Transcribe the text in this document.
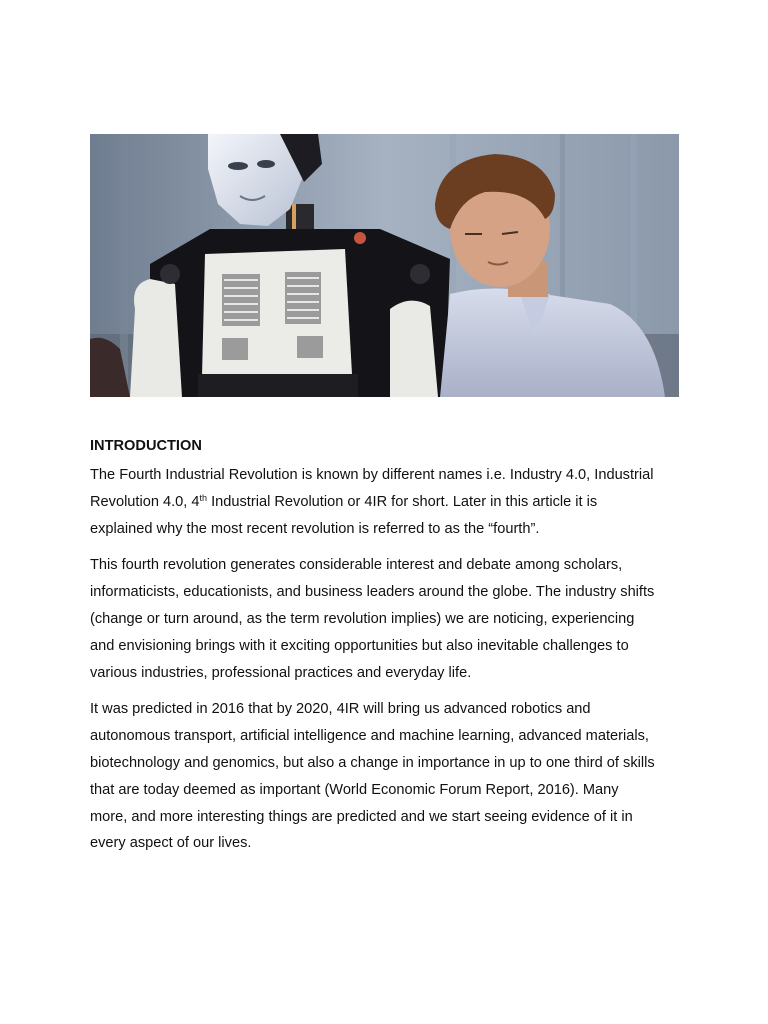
INTRODUCTION
The Fourth Industrial Revolution is known by different names i.e. Industry 4.0, Industrial
Revolution 4.0, 4th Industrial Revolution or 4IR for short. Later in this article it is
explained why the most recent revolution is referred to as the “fourth”.
This fourth revolution generates considerable interest and debate among scholars,
informaticists, educationists, and business leaders around the globe. The industry shifts
(change or turn around, as the term revolution implies) we are noticing, experiencing
and envisioning brings with it exciting opportunities but also inevitable challenges to
various industries, professional practices and everyday life.
It was predicted in 2016 that by 2020, 4IR will bring us advanced robotics and
autonomous transport, artificial intelligence and machine learning, advanced materials,
biotechnology and genomics, but also a change in importance in up to one third of skills
that are today deemed as important (World Economic Forum Report, 2016). Many
more, and more interesting things are predicted and we start seeing evidence of it in
every aspect of our lives.
